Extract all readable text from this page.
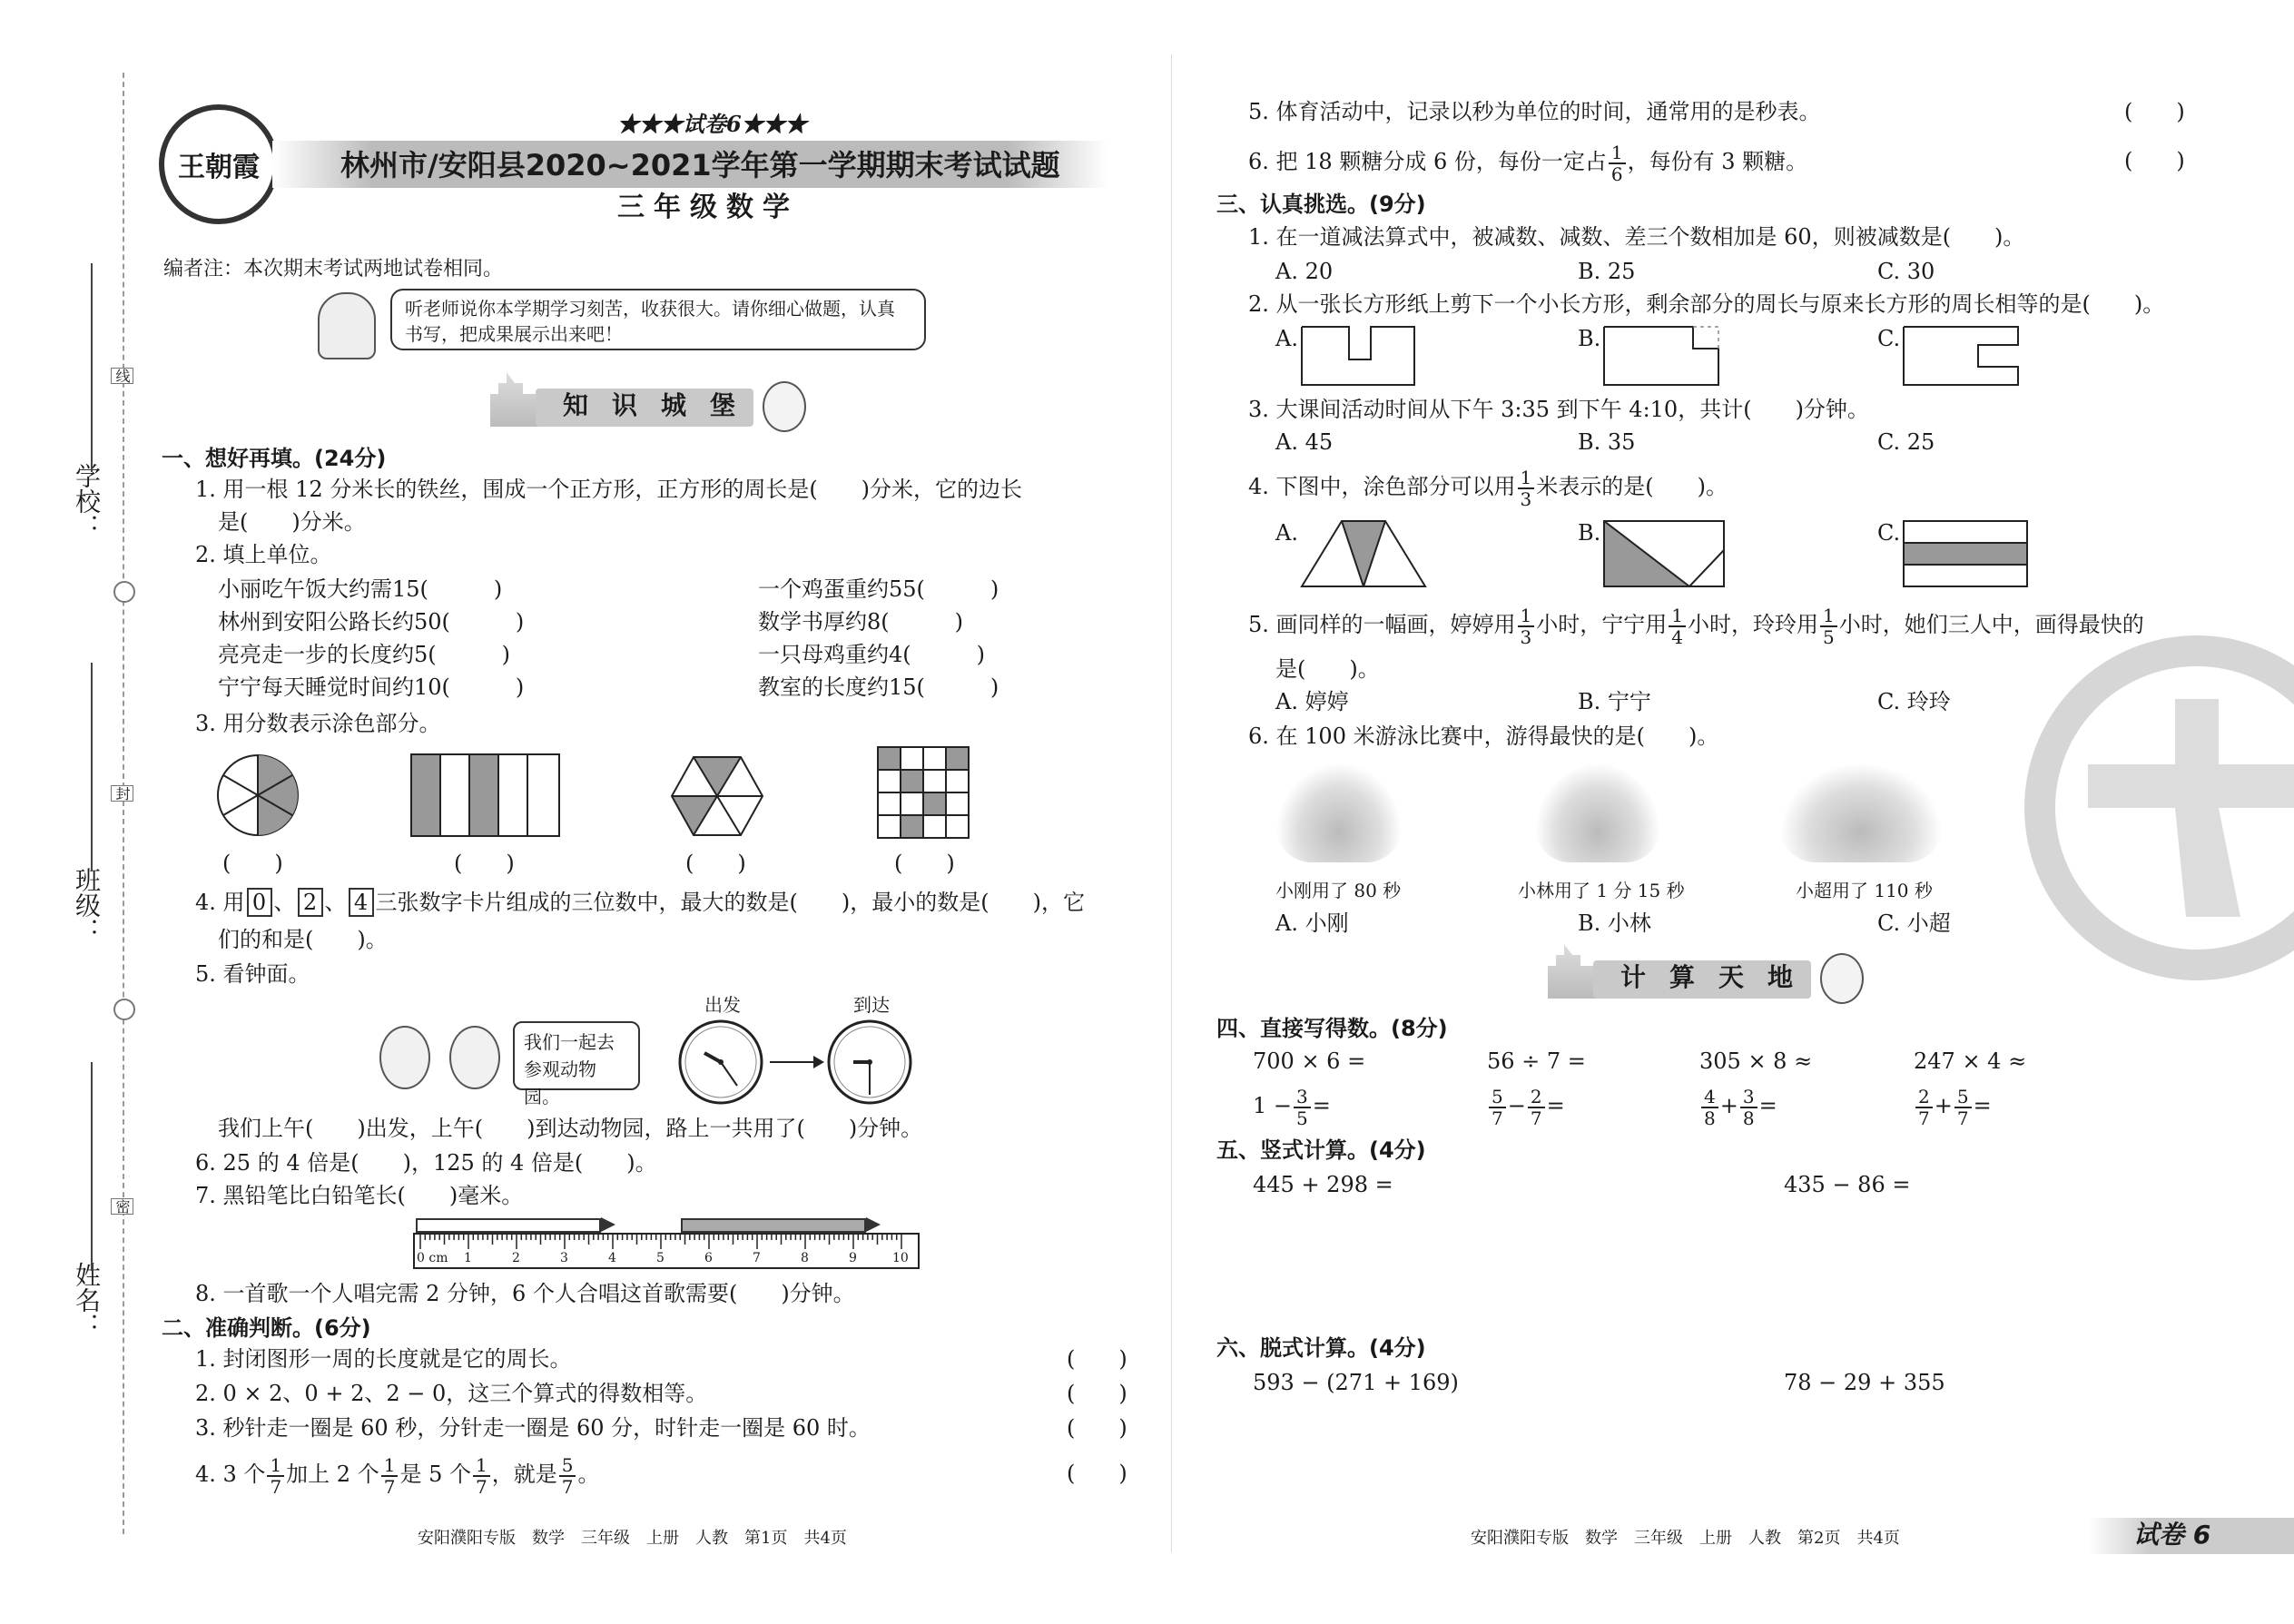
学校：
班级：
姓名：
线
封
密
王朝霞
★★★试卷6★★★
林州市/安阳县2020~2021学年第一学期期末考试试题
三年级数学
编者注：本次期末考试两地试卷相同。
听老师说你本学期学习刻苦，收获很大。请你细心做题，认真书写，把成果展示出来吧！
知识城堡
一、想好再填。(24分)
1. 用一根 12 分米长的铁丝，围成一个正方形，正方形的周长是(　　)分米，它的边长
是(　　)分米。
2. 填上单位。
小丽吃午饭大约需15(　　　)	一个鸡蛋重约55(　　　)
林州到安阳公路长约50(　　　)	数学书厚约8(　　　)
亮亮走一步的长度约5(　　　)	一只母鸡重约4(　　　)
宁宁每天睡觉时间约10(　　　)	教室的长度约15(　　　)
3. 用分数表示涂色部分。
(　　)	(　　)	(　　)	(　　)
4. 用 0 、 2 、 4 三张数字卡片组成的三位数中，最大的数是(　　)，最小的数是(　　)，它
们的和是(　　)。
5. 看钟面。
我们一起去参观动物园。
出发	到达
我们上午(　　)出发，上午(　　)到达动物园，路上一共用了(　　)分钟。
6. 25 的 4 倍是(　　)，125 的 4 倍是(　　)。
7. 黑铅笔比白铅笔长(　　)毫米。
0 cm 1	2	3	4	5	6	7	8	9	10
8. 一首歌一个人唱完需 2 分钟，6 个人合唱这首歌需要(　　)分钟。
二、准确判断。(6分)
1. 封闭图形一周的长度就是它的周长。	(　　)
2. 0 × 2、0 + 2、2 − 0，这三个算式的得数相等。	(　　)
3. 秒针走一圈是 60 秒，分针走一圈是 60 分，时针走一圈是 60 时。	(　　)
4. 3 个 $\frac{1}{7}$ 加上 2 个 $\frac{1}{7}$ 是 5 个 $\frac{1}{7}$ ，就是 $\frac{5}{7}$ 。	(　　)
安阳濮阳专版　数学　三年级　上册　人教　第1页　共4页
5. 体育活动中，记录以秒为单位的时间，通常用的是秒表。	(　　)
6. 把 18 颗糖分成 6 份，每份一定占 $\frac{1}{6}$ ，每份有 3 颗糖。	(　　)
三、认真挑选。(9分)
1. 在一道减法算式中，被减数、减数、差三个数相加是 60，则被减数是(　　)。
A. 20	B. 25	C. 30
2. 从一张长方形纸上剪下一个小长方形，剩余部分的周长与原来长方形的周长相等的是(　　)。
A.	B.	C.
3. 大课间活动时间从下午 3:35 到下午 4:10，共计(　　)分钟。
A. 45	B. 35	C. 25
4. 下图中，涂色部分可以用 $\frac{1}{3}$ 米表示的是(　　)。
A.	B.	C.
5. 画同样的一幅画，婷婷用 $\frac{1}{3}$ 小时，宁宁用 $\frac{1}{4}$ 小时，玲玲用 $\frac{1}{5}$ 小时，她们三人中，画得最快的
是(　　)。
A. 婷婷	B. 宁宁	C. 玲玲
6. 在 100 米游泳比赛中，游得最快的是(　　)。
小刚用了 80 秒	小林用了 1 分 15 秒	小超用了 110 秒
A. 小刚	B. 小林	C. 小超
计算天地
四、直接写得数。(8分)
700 × 6 =	56 ÷ 7 =	305 × 8 ≈	247 × 4 ≈
$1 - \frac{3}{5}$ =	$\frac{5}{7} - \frac{2}{7}$ =	$\frac{4}{8} + \frac{3}{8}$ =	$\frac{2}{7} + \frac{5}{7}$ =
五、竖式计算。(4分)
445 + 298 =	435 − 86 =
六、脱式计算。(4分)
593 − (271 + 169)	78 − 29 + 355
安阳濮阳专版　数学　三年级　上册　人教　第2页　共4页	试卷 6
